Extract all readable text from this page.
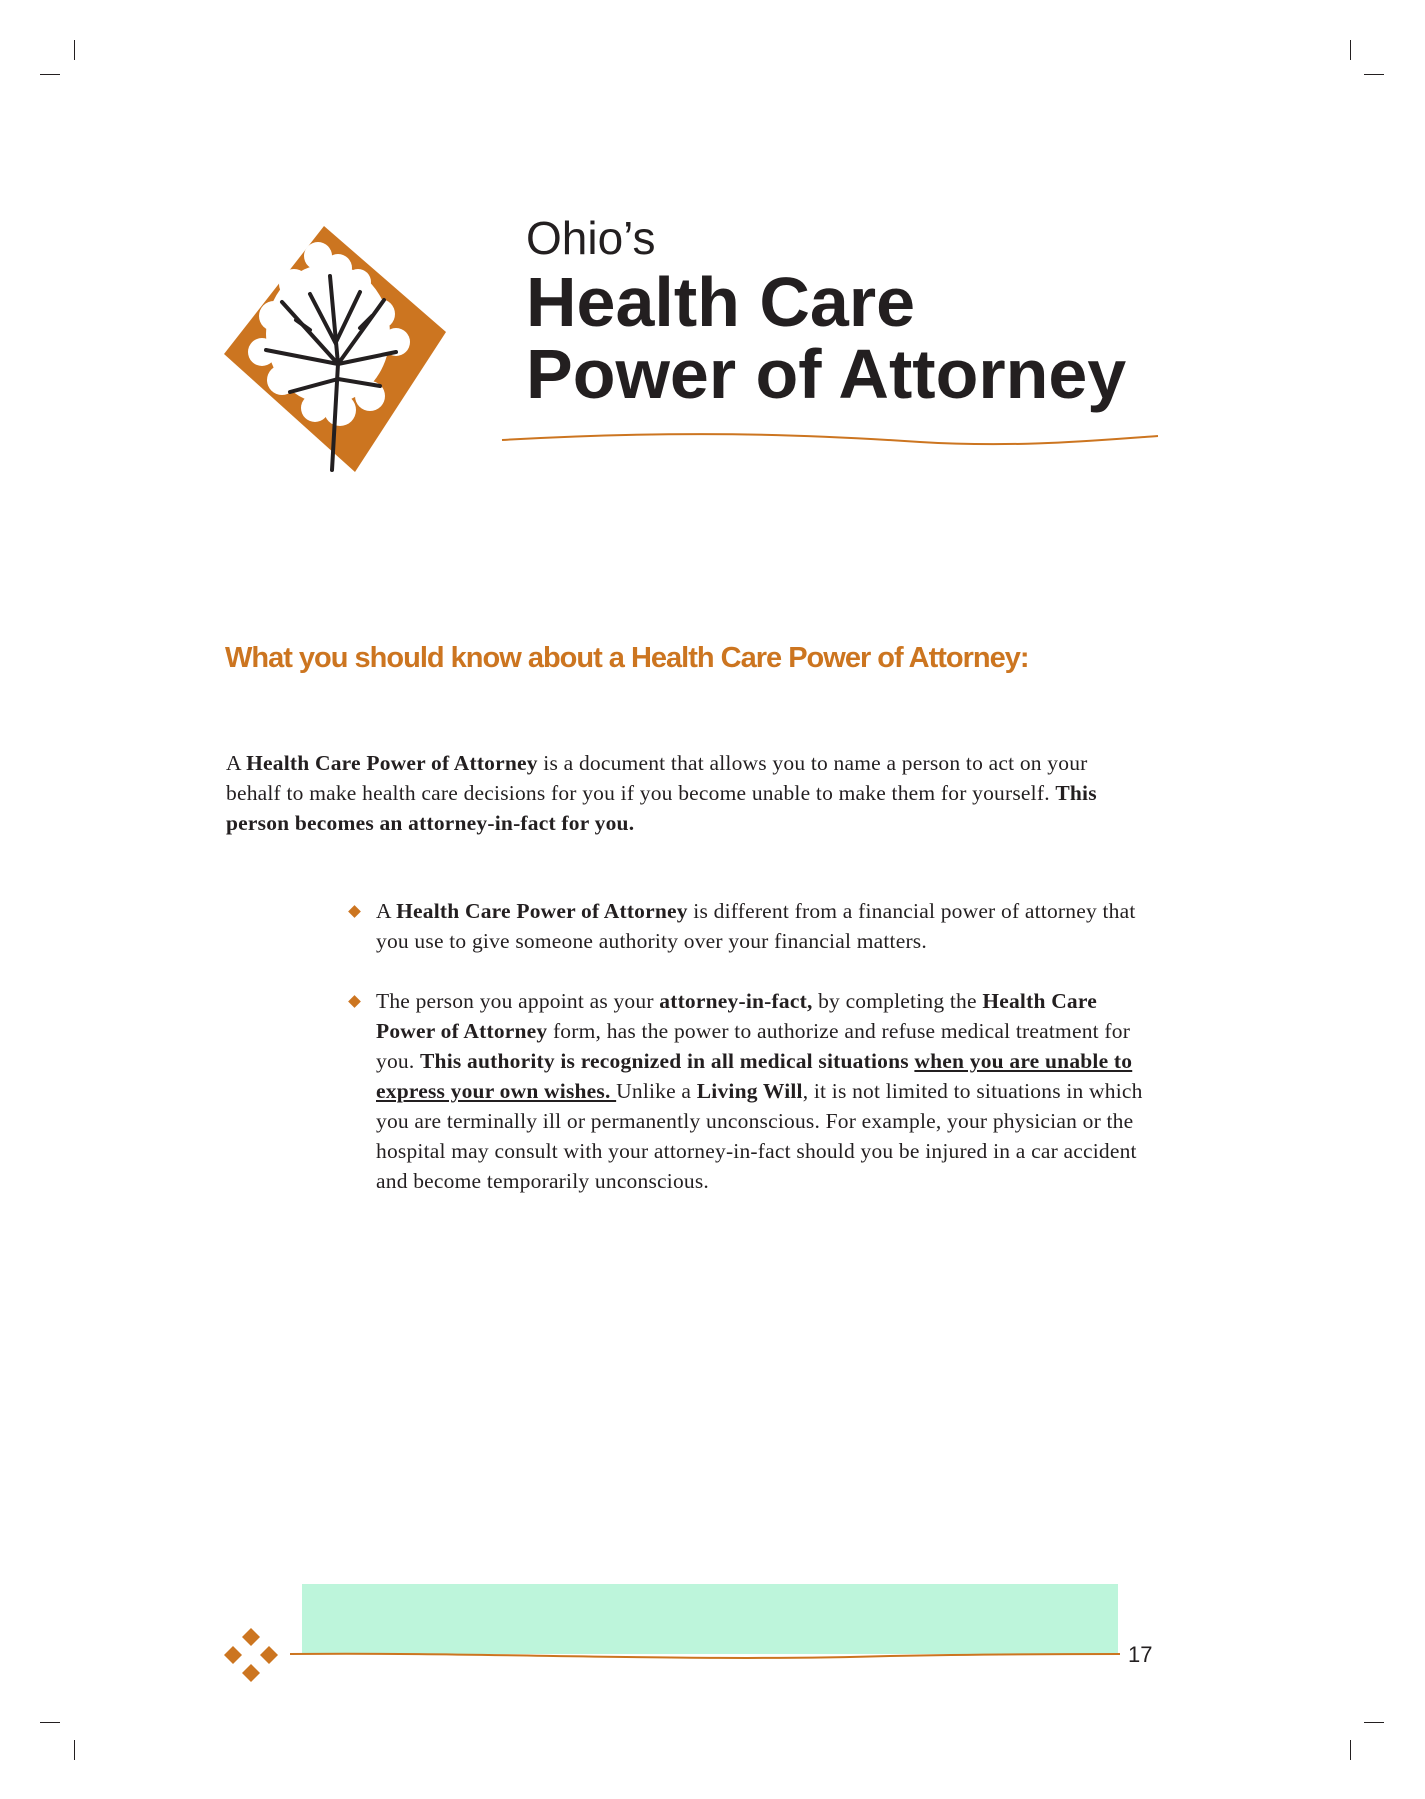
Ohio’s

Health Care

Power of Attorney

What you should know about a Health Care Power of Attorney:

A Health Care Power of Attorney is a document that allows you to name a person to act on your behalf to make health care decisions for you if you become unable to make them for yourself. This person becomes an attorney-in-fact for you.

A Health Care Power of Attorney is different from a financial power of attorney that you use to give someone authority over your financial matters.
The person you appoint as your attorney-in-fact, by completing the Health Care Power of Attorney form, has the power to authorize and refuse medical treatment for you. This authority is recognized in all medical situations when you are unable to express your own wishes. Unlike a Living Will, it is not limited to situations in which you are terminally ill or permanently unconscious. For example, your physician or the hospital may consult with your attorney-in-fact should you be injured in a car accident and become temporarily unconscious.
17
